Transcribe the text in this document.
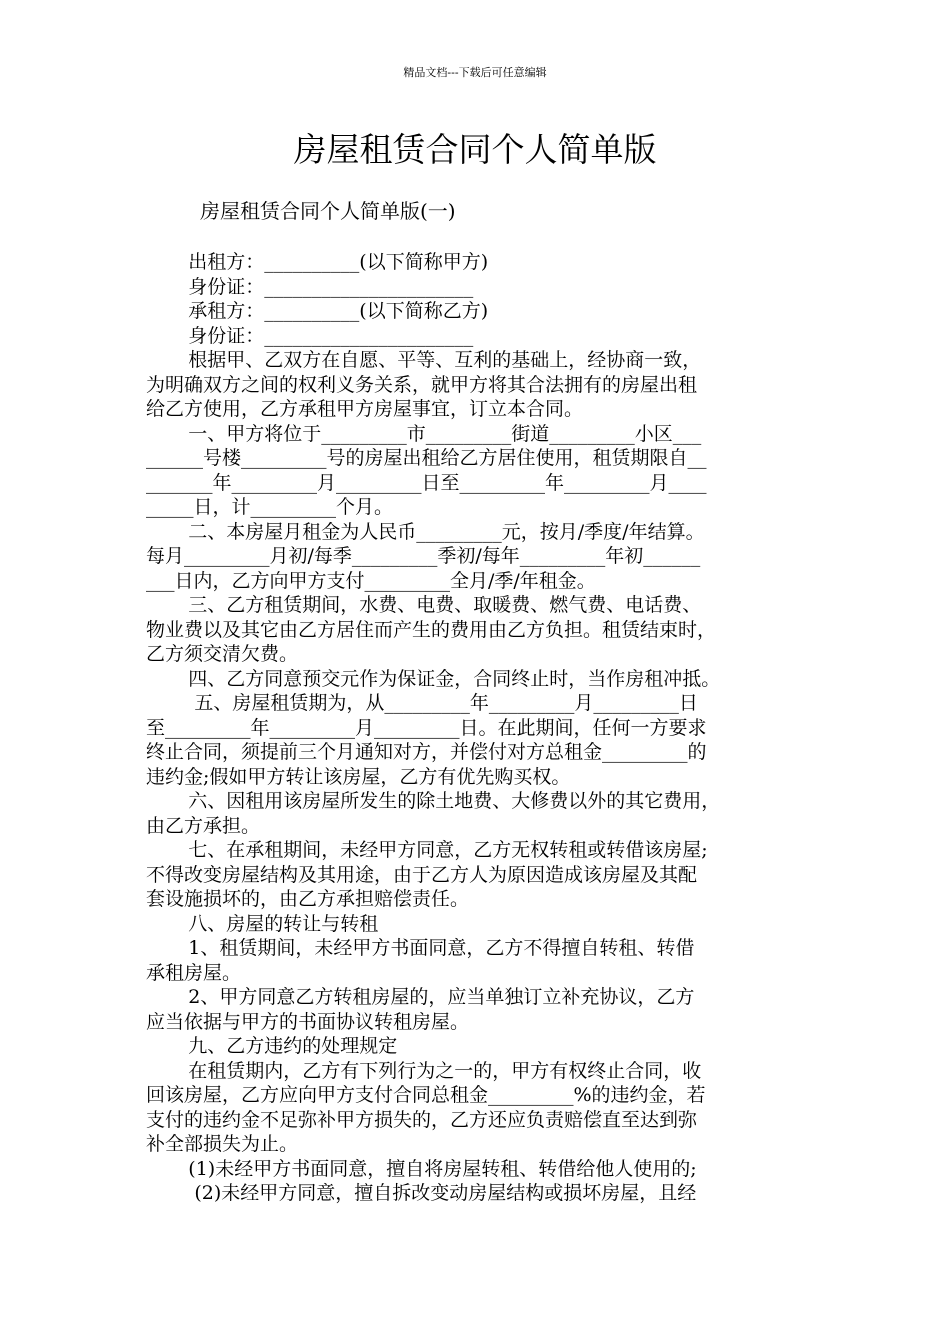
精品文档---下载后可任意编辑
房屋租赁合同个人简单版
房屋租赁合同个人简单版(一)
出租方：__________(以下简称甲方)
身份证：______________________
承租方：__________(以下简称乙方)
身份证：______________________
根据甲、乙双方在自愿、平等、互利的基础上，经协商一致，
为明确双方之间的权利义务关系，就甲方将其合法拥有的房屋出租
给乙方使用，乙方承租甲方房屋事宜，订立本合同。
一、甲方将位于_________市_________街道_________小区___
______号楼_________号的房屋出租给乙方居住使用，租赁期限自__
_______年_________月_________日至_________年_________月____
_____日，计_________个月。
二、本房屋月租金为人民币_________元，按月/季度/年结算。
每月_________月初/每季_________季初/每年_________年初______
___日内，乙方向甲方支付_________全月/季/年租金。
三、乙方租赁期间，水费、电费、取暖费、燃气费、电话费、
物业费以及其它由乙方居住而产生的费用由乙方负担。租赁结束时，
乙方须交清欠费。
四、乙方同意预交元作为保证金，合同终止时，当作房租冲抵。
五、房屋租赁期为，从_________年_________月_________日
至_________年_________月_________日。在此期间，任何一方要求
终止合同，须提前三个月通知对方，并偿付对方总租金_________的
违约金;假如甲方转让该房屋，乙方有优先购买权。
六、因租用该房屋所发生的除土地费、大修费以外的其它费用，
由乙方承担。
七、在承租期间，未经甲方同意，乙方无权转租或转借该房屋;
不得改变房屋结构及其用途，由于乙方人为原因造成该房屋及其配
套设施损坏的，由乙方承担赔偿责任。
八、房屋的转让与转租
1、租赁期间，未经甲方书面同意，乙方不得擅自转租、转借
承租房屋。
2、甲方同意乙方转租房屋的，应当单独订立补充协议，乙方
应当依据与甲方的书面协议转租房屋。
九、乙方违约的处理规定
在租赁期内，乙方有下列行为之一的，甲方有权终止合同，收
回该房屋，乙方应向甲方支付合同总租金_________%的违约金，若
支付的违约金不足弥补甲方损失的，乙方还应负责赔偿直至达到弥
补全部损失为止。
(1)未经甲方书面同意，擅自将房屋转租、转借给他人使用的;
(2)未经甲方同意，擅自拆改变动房屋结构或损坏房屋，且经
